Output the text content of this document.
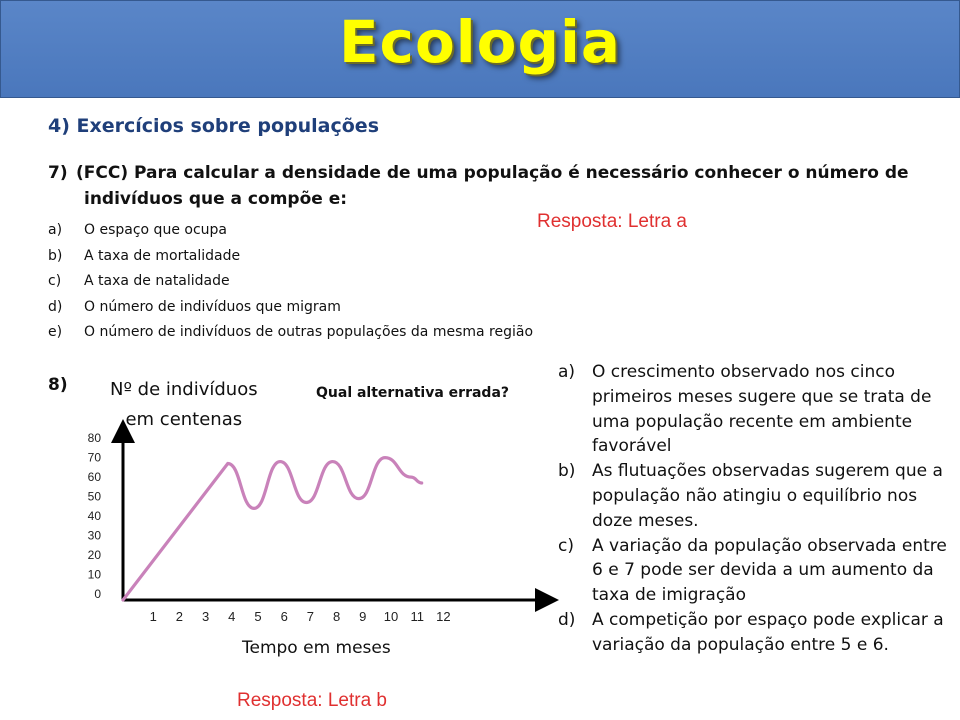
Ecologia
4) Exercícios sobre populações
7) (FCC) Para calcular a densidade de uma população é necessário conhecer o número de
indivíduos que a compõe e:
a) O espaço que ocupa
b) A taxa de mortalidade
c) A taxa de natalidade
d) O número de indivíduos que migram
e) O número de indivíduos de outras populações da mesma região
Resposta: Letra a
8) Nº de indivíduos
em centenas
Qual alternativa errada?
80
70
60
50
40
30
20
10
0
1 2 3 4 5 6 7 8 9 10 11 12
Tempo em meses
a) O crescimento observado nos cinco primeiros meses sugere que se trata de uma população recente em ambiente favorável
b) As flutuações observadas sugerem que a população não atingiu o equilíbrio nos doze meses.
c) A variação da população observada entre 6 e 7 pode ser devida a um aumento da taxa de imigração
d) A competição por espaço pode explicar a variação da população entre 5 e 6.
Resposta: Letra b
